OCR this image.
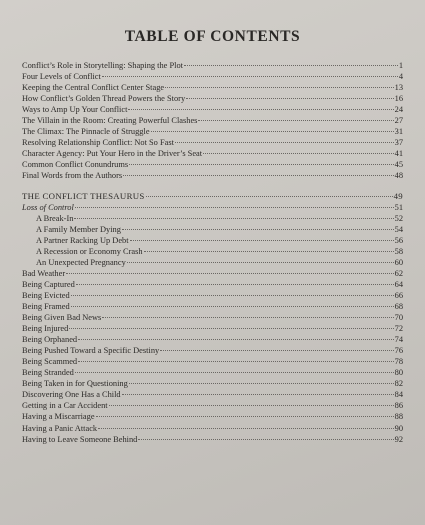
TABLE OF CONTENTS
Conflict’s Role in Storytelling: Shaping the Plot	1
Four Levels of Conflict	4
Keeping the Central Conflict Center Stage	13
How Conflict’s Golden Thread Powers the Story	16
Ways to Amp Up Your Conflict	24
The Villain in the Room: Creating Powerful Clashes	27
The Climax: The Pinnacle of Struggle	31
Resolving Relationship Conflict: Not So Fast	37
Character Agency: Put Your Hero in the Driver’s Seat	41
Common Conflict Conundrums	45
Final Words from the Authors	48
THE CONFLICT THESAURUS	49
Loss of Control	51
A Break-In	52
A Family Member Dying	54
A Partner Racking Up Debt	56
A Recession or Economy Crash	58
An Unexpected Pregnancy	60
Bad Weather	62
Being Captured	64
Being Evicted	66
Being Framed	68
Being Given Bad News	70
Being Injured	72
Being Orphaned	74
Being Pushed Toward a Specific Destiny	76
Being Scammed	78
Being Stranded	80
Being Taken in for Questioning	82
Discovering One Has a Child	84
Getting in a Car Accident	86
Having a Miscarriage	88
Having a Panic Attack	90
Having to Leave Someone Behind	92
